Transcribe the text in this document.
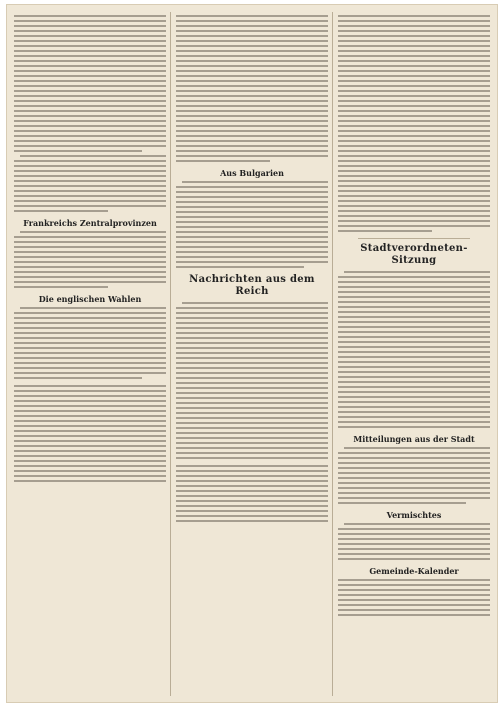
Frankreichs Zentralprovinzen
Die englischen Wahlen
Aus Bulgarien
Nachrichten aus dem Reich
Stadtverordneten-Sitzung
Mitteilungen aus der Stadt
Vermischtes
Gemeinde-Kalender
